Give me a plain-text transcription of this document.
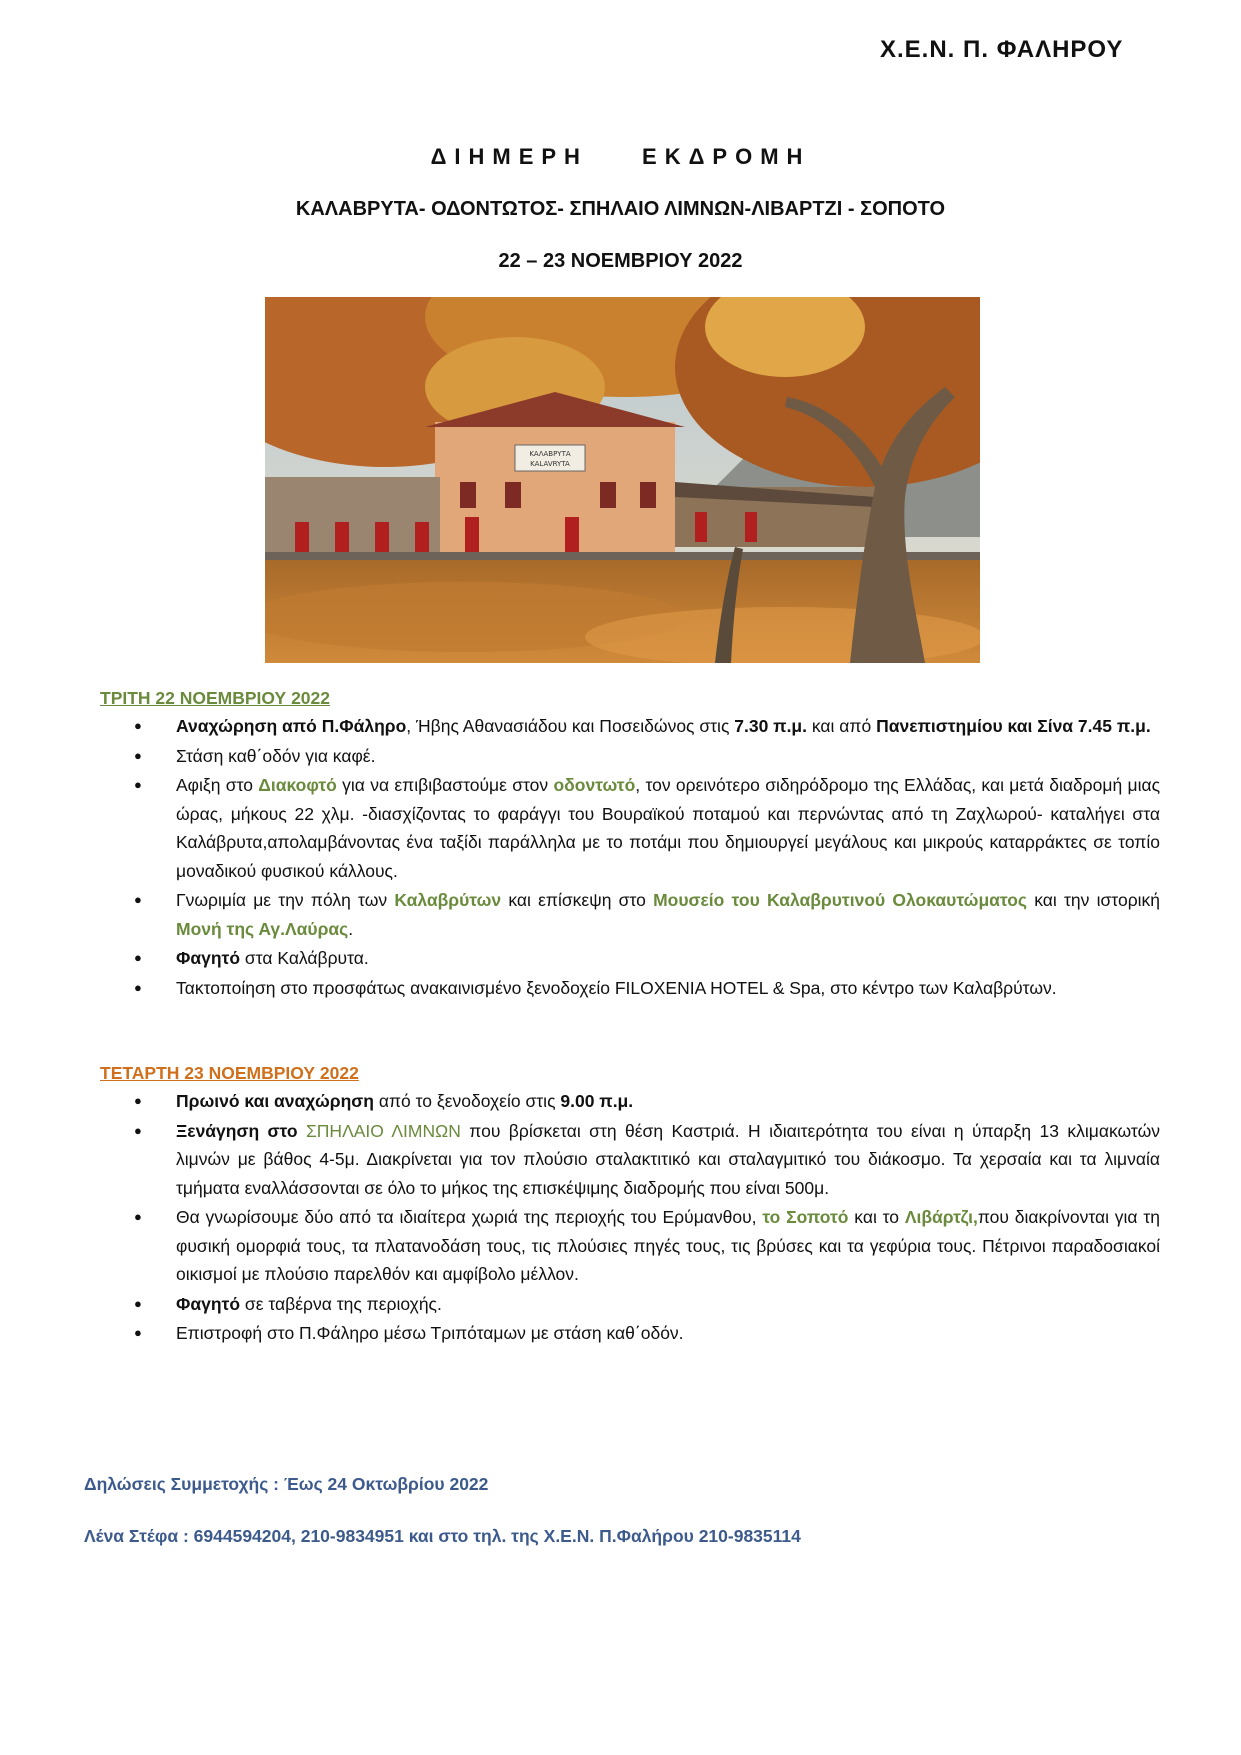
Χ.Ε.Ν. Π. ΦΑΛΗΡΟΥ
ΔΙΗΜΕΡΗ ΕΚΔΡΟΜΗ
ΚΑΛΑΒΡΥΤΑ- ΟΔΟΝΤΩΤΟΣ- ΣΠΗΛΑΙΟ ΛΙΜΝΩΝ-ΛΙΒΑΡΤΖΙ - ΣΟΠΟΤΟ
22 – 23 ΝΟΕΜΒΡΙΟΥ 2022
ΚΑΛΑΒΡΥΤΑ
KALAVRYTA
ΤΡΙΤΗ 22 ΝΟΕΜΒΡΙΟΥ 2022
● Αναχώρηση από Π.Φάληρο, Ήβης Αθανασιάδου και Ποσειδώνος στις 7.30 π.μ. και από Πανεπιστημίου και Σίνα 7.45 π.μ.
● Στάση καθ΄οδόν για καφέ.
● Αφιξη στο Διακοφτό για να επιβιβαστούμε στον οδοντωτό, τον ορεινότερο σιδηρόδρομο της Ελλάδας, και μετά διαδρομή μιας ώρας, μήκους 22 χλμ. -διασχίζοντας το φαράγγι του Βουραϊκού ποταμού και περνώντας από τη Ζαχλωρού- καταλήγει στα Καλάβρυτα,απολαμβάνοντας ένα ταξίδι παράλληλα με το ποτάμι που δημιουργεί μεγάλους και μικρούς καταρράκτες σε τοπίο μοναδικού φυσικού κάλλους.
● Γνωριμία με την πόλη των Καλαβρύτων και επίσκεψη στο Μουσείο του Καλαβρυτινού Ολοκαυτώματος και την ιστορική Μονή της Αγ.Λαύρας.
● Φαγητό στα Καλάβρυτα.
● Τακτοποίηση στο προσφάτως ανακαινισμένο ξενοδοχείο FILOXENIA HOTEL & Spa, στο κέντρο των Καλαβρύτων.
ΤΕΤΑΡΤΗ 23 ΝΟΕΜΒΡΙΟΥ 2022
● Πρωινό και αναχώρηση από το ξενοδοχείο στις 9.00 π.μ.
● Ξενάγηση στο ΣΠΗΛΑΙΟ ΛΙΜΝΩΝ που βρίσκεται στη θέση Καστριά. Η ιδιαιτερότητα του είναι η ύπαρξη 13 κλιμακωτών λιμνών με βάθος 4-5μ. Διακρίνεται για τον πλούσιο σταλακτιτικό και σταλαγμιτικό του διάκοσμο. Τα χερσαία και τα λιμναία τμήματα εναλλάσσονται σε όλο το μήκος της επισκέψιμης διαδρομής που είναι 500μ.
● Θα γνωρίσουμε δύο από τα ιδιαίτερα χωριά της περιοχής του Ερύμανθου, το Σοποτό και το Λιβάρτζι,που διακρίνονται για τη φυσική ομορφιά τους, τα πλατανοδάση τους, τις πλούσιες πηγές τους, τις βρύσες και τα γεφύρια τους. Πέτρινοι παραδοσιακοί οικισμοί με πλούσιο παρελθόν και αμφίβολο μέλλον.
● Φαγητό σε ταβέρνα της περιοχής.
● Επιστροφή στο Π.Φάληρο μέσω Τριπόταμων με στάση καθ΄οδόν.
Δηλώσεις Συμμετοχής : Έως 24 Οκτωβρίου 2022
Λένα Στέφα : 6944594204, 210-9834951 και στο τηλ. της Χ.Ε.Ν. Π.Φαλήρου 210-9835114
